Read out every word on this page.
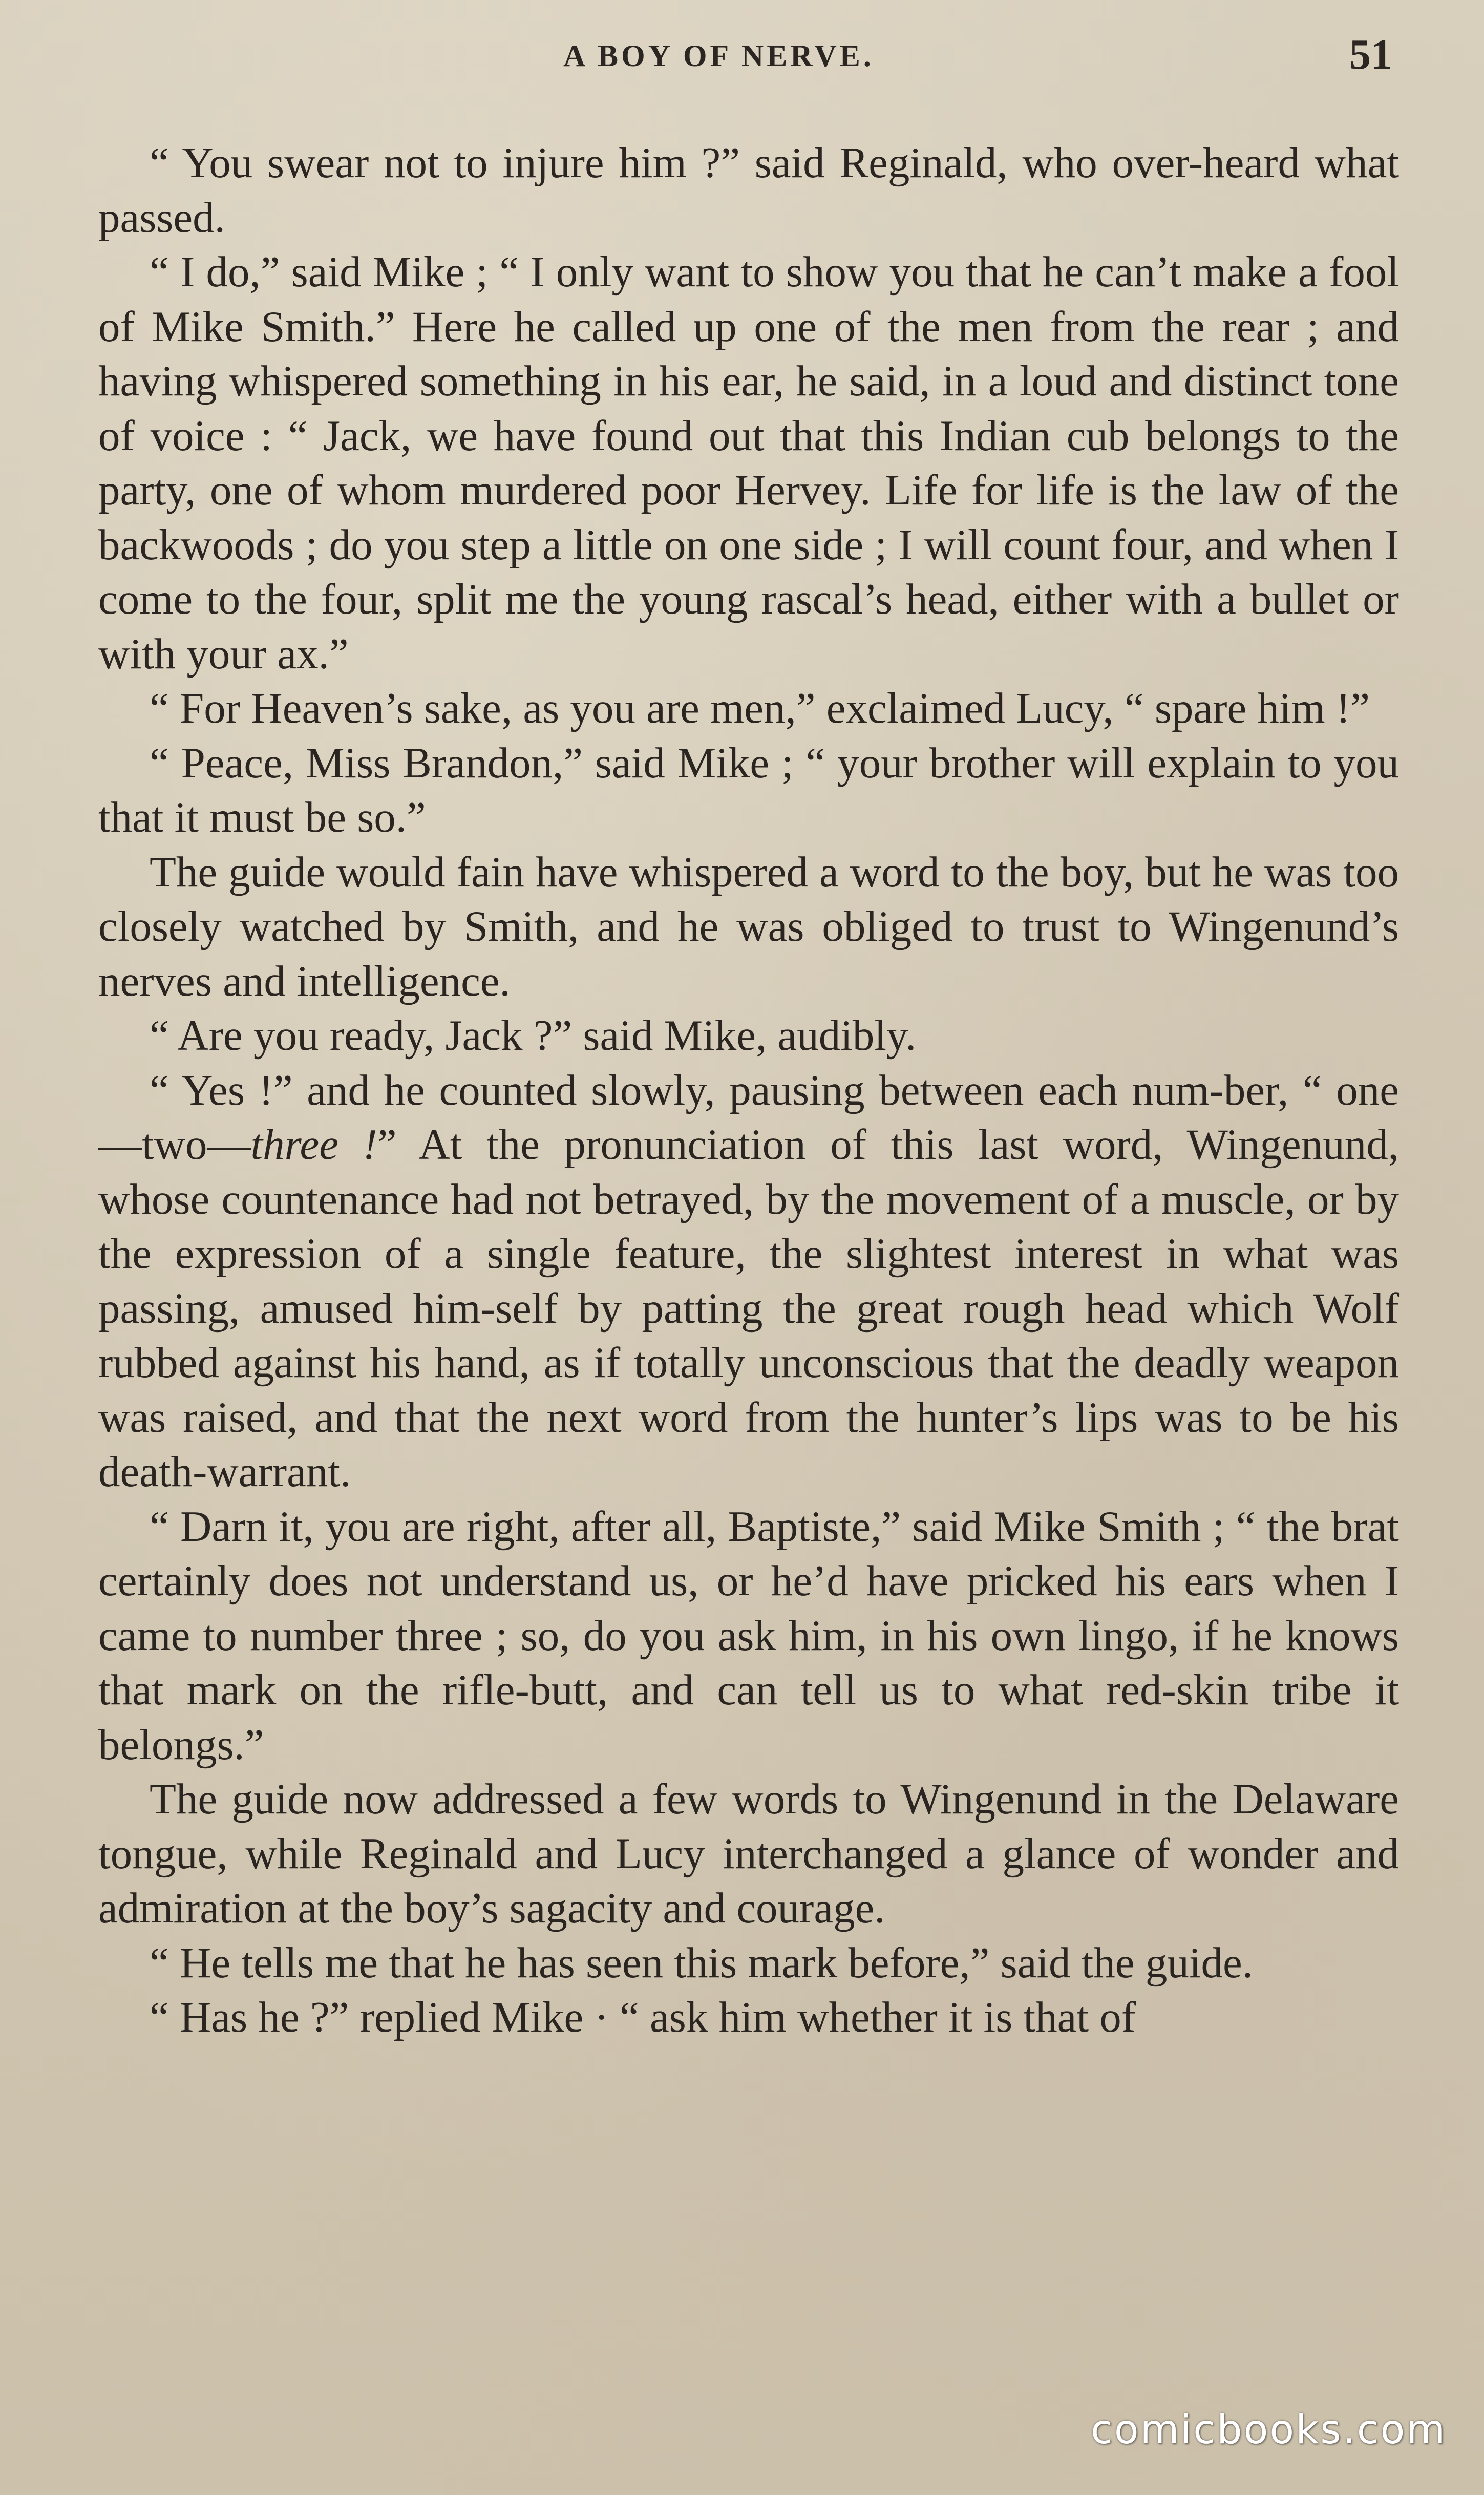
A BOY OF NERVE.	51

“ You swear not to injure him ?” said Reginald, who over-heard what passed.

“ I do,” said Mike ; “ I only want to show you that he can’t make a fool of Mike Smith.” Here he called up one of the men from the rear ; and having whispered something in his ear, he said, in a loud and distinct tone of voice : “ Jack, we have found out that this Indian cub belongs to the party, one of whom murdered poor Hervey. Life for life is the law of the backwoods ; do you step a little on one side ; I will count four, and when I come to the four, split me the young rascal’s head, either with a bullet or with your ax.”

“ For Heaven’s sake, as you are men,” exclaimed Lucy, “ spare him !”

“ Peace, Miss Brandon,” said Mike ; “ your brother will explain to you that it must be so.”

The guide would fain have whispered a word to the boy, but he was too closely watched by Smith, and he was obliged to trust to Wingenund’s nerves and intelligence.

“ Are you ready, Jack ?” said Mike, audibly.

“ Yes !” and he counted slowly, pausing between each num-ber, “ one—two—three !” At the pronunciation of this last word, Wingenund, whose countenance had not betrayed, by the movement of a muscle, or by the expression of a single feature, the slightest interest in what was passing, amused him-self by patting the great rough head which Wolf rubbed against his hand, as if totally unconscious that the deadly weapon was raised, and that the next word from the hunter’s lips was to be his death-warrant.

“ Darn it, you are right, after all, Baptiste,” said Mike Smith ; “ the brat certainly does not understand us, or he’d have pricked his ears when I came to number three ; so, do you ask him, in his own lingo, if he knows that mark on the rifle-butt, and can tell us to what red-skin tribe it belongs.”

The guide now addressed a few words to Wingenund in the Delaware tongue, while Reginald and Lucy interchanged a glance of wonder and admiration at the boy’s sagacity and courage.

“ He tells me that he has seen this mark before,” said the guide.

“ Has he ?” replied Mike · “ ask him whether it is that of

comicbooks.com
